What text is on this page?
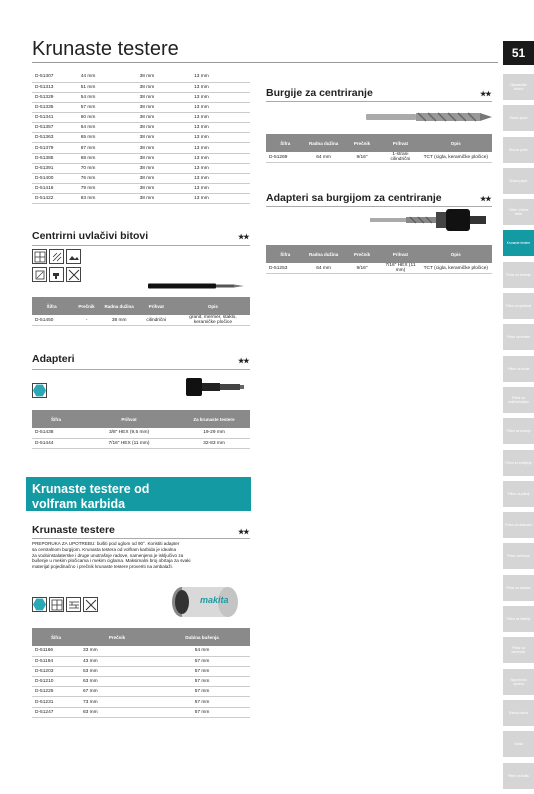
Krunaste testere	51
D-51307	44 mm	38 mm	13 mm
D-51313	51 mm	38 mm	13 mm
D-51329	54 mm	38 mm	13 mm
D-51335	57 mm	38 mm	13 mm
D-51341	60 mm	38 mm	13 mm
D-51357	64 mm	38 mm	13 mm
D-51363	65 mm	38 mm	13 mm
D-51379	67 mm	38 mm	13 mm
D-51385	68 mm	38 mm	13 mm
D-51391	70 mm	38 mm	13 mm
D-51400	76 mm	38 mm	13 mm
D-51416	79 mm	38 mm	13 mm
D-51422	83 mm	38 mm	13 mm
Centrirni uvlačivi bitovi	★★

Šifra	Prečnik	Radna dužina	Prihvat	Opis
D-51450	-	38 mm	cilindrični	granit, mermer, staklo, keramičke pločice
Adapteri	★★
Šifra	Prihvat	Za krunaste testere
D-51438	3/8" HEX (9,5 mm)	19-29 mm
D-51444	7/16" HEX (11 mm)	32-83 mm
Krunaste testere od
volfram karbida
Krunaste testere	★★
PREPORUKA ZA UPOTREBU: bušiti pod uglom od 90°. Koristiti adapter
sa centralnom burgijom. Krunasta testera od volfram karbida je idealna
za vodoinstalaterske i druge unutrašnje radove, namenjena je isključivo za
bušenje u mekim pločicama i mekim ciglama. Maksimalni broj obrtaja za svaki
materijal pojedinačno i prečnik krunaste testere proveriti na ambalaži.
makita
Šifra	Prečnik	Dubina bušenja
D-51166	33 mm	54 mm
D-51194	43 mm	57 mm
D-51203	53 mm	57 mm
D-51210	63 mm	57 mm
D-51225	67 mm	57 mm
D-51231	73 mm	57 mm
D-51247	83 mm	57 mm
Burgije za centriranje	★★
Šifra	Radna dužina	Prečnik	Prihvat	Opis
D-51269	64 mm	9/16"	1-strani cilindrični	TCT (cigla, keramičke pločice)
Adapteri sa burgijom za centriranje	★★
Šifra	Radna dužina	Prečnik	Prihvat	Opis
D-51253	64 mm	9/16"	7/16" HEX (11 mm)	TCT (cigla, keramičke pločice)
Dijamantski diskovi
Rezne ploče
Brusne ploče
Brusni papiri
Četke i žičane četke
Krunaste testere
Pribor za bušenje
Pribor za glodanje
Pribor za testere
Pribor za rende
Pribor za multifunkcijske
Pribor za rezanje
Pribor za šrafljenje
Pribor za pištolj
Pribor za usisivače
Pribor za fenove
Pribor za makaze
Pribor za baterije
Pribor za bazenske
Sigurnosna oprema
Radna odeća
Ostalo
Pribor za baštu
